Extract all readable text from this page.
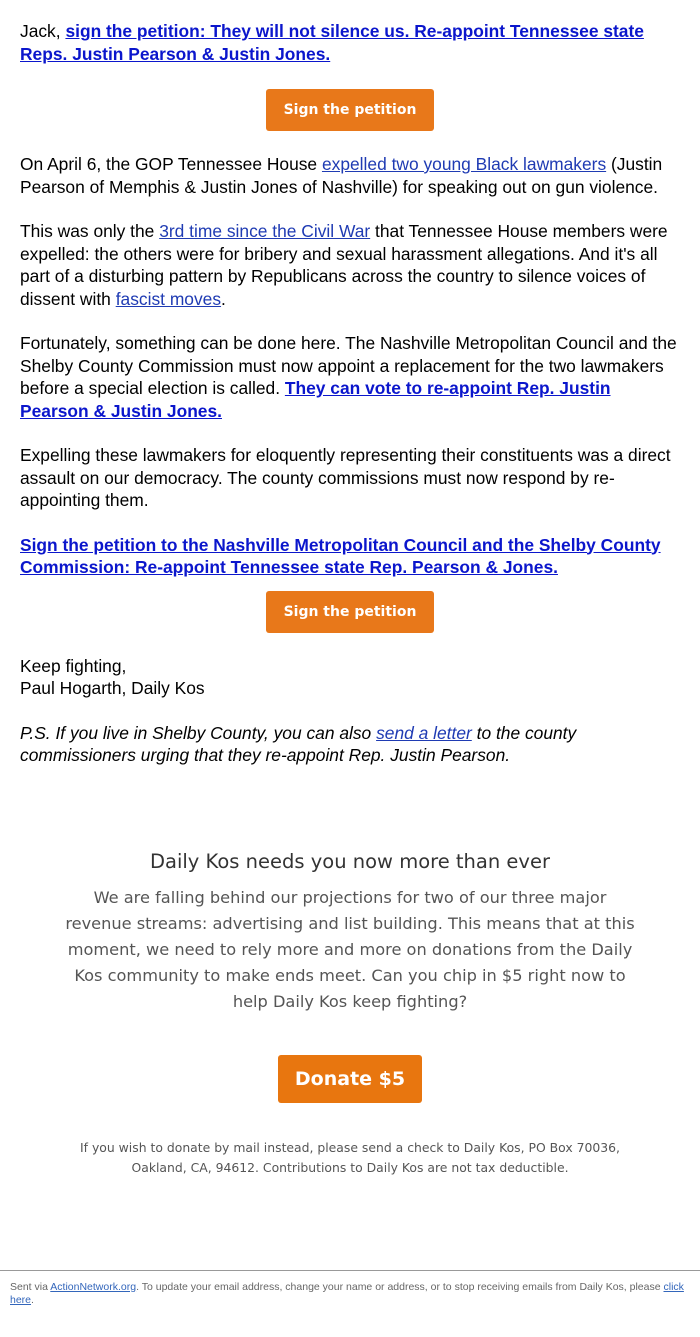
Jack, sign the petition: They will not silence us. Re-appoint Tennessee state Reps. Justin Pearson & Justin Jones.

Sign the petition

On April 6, the GOP Tennessee House expelled two young Black lawmakers (Justin Pearson of Memphis & Justin Jones of Nashville) for speaking out on gun violence.

This was only the 3rd time since the Civil War that Tennessee House members were expelled: the others were for bribery and sexual harassment allegations. And it's all part of a disturbing pattern by Republicans across the country to silence voices of dissent with fascist moves.

Fortunately, something can be done here. The Nashville Metropolitan Council and the Shelby County Commission must now appoint a replacement for the two lawmakers before a special election is called. They can vote to re-appoint Rep. Justin Pearson & Justin Jones.

Expelling these lawmakers for eloquently representing their constituents was a direct assault on our democracy. The county commissions must now respond by re-appointing them.

Sign the petition to the Nashville Metropolitan Council and the Shelby County Commission: Re-appoint Tennessee state Rep. Pearson & Jones.

Sign the petition

Keep fighting,
Paul Hogarth, Daily Kos

P.S. If you live in Shelby County, you can also send a letter to the county commissioners urging that they re-appoint Rep. Justin Pearson.

Daily Kos needs you now more than ever
We are falling behind our projections for two of our three major revenue streams: advertising and list building. This means that at this moment, we need to rely more and more on donations from the Daily Kos community to make ends meet. Can you chip in $5 right now to help Daily Kos keep fighting?
Donate $5
If you wish to donate by mail instead, please send a check to Daily Kos, PO Box 70036, Oakland, CA, 94612. Contributions to Daily Kos are not tax deductible.
Sent via ActionNetwork.org. To update your email address, change your name or address, or to stop receiving emails from Daily Kos, please click here.
